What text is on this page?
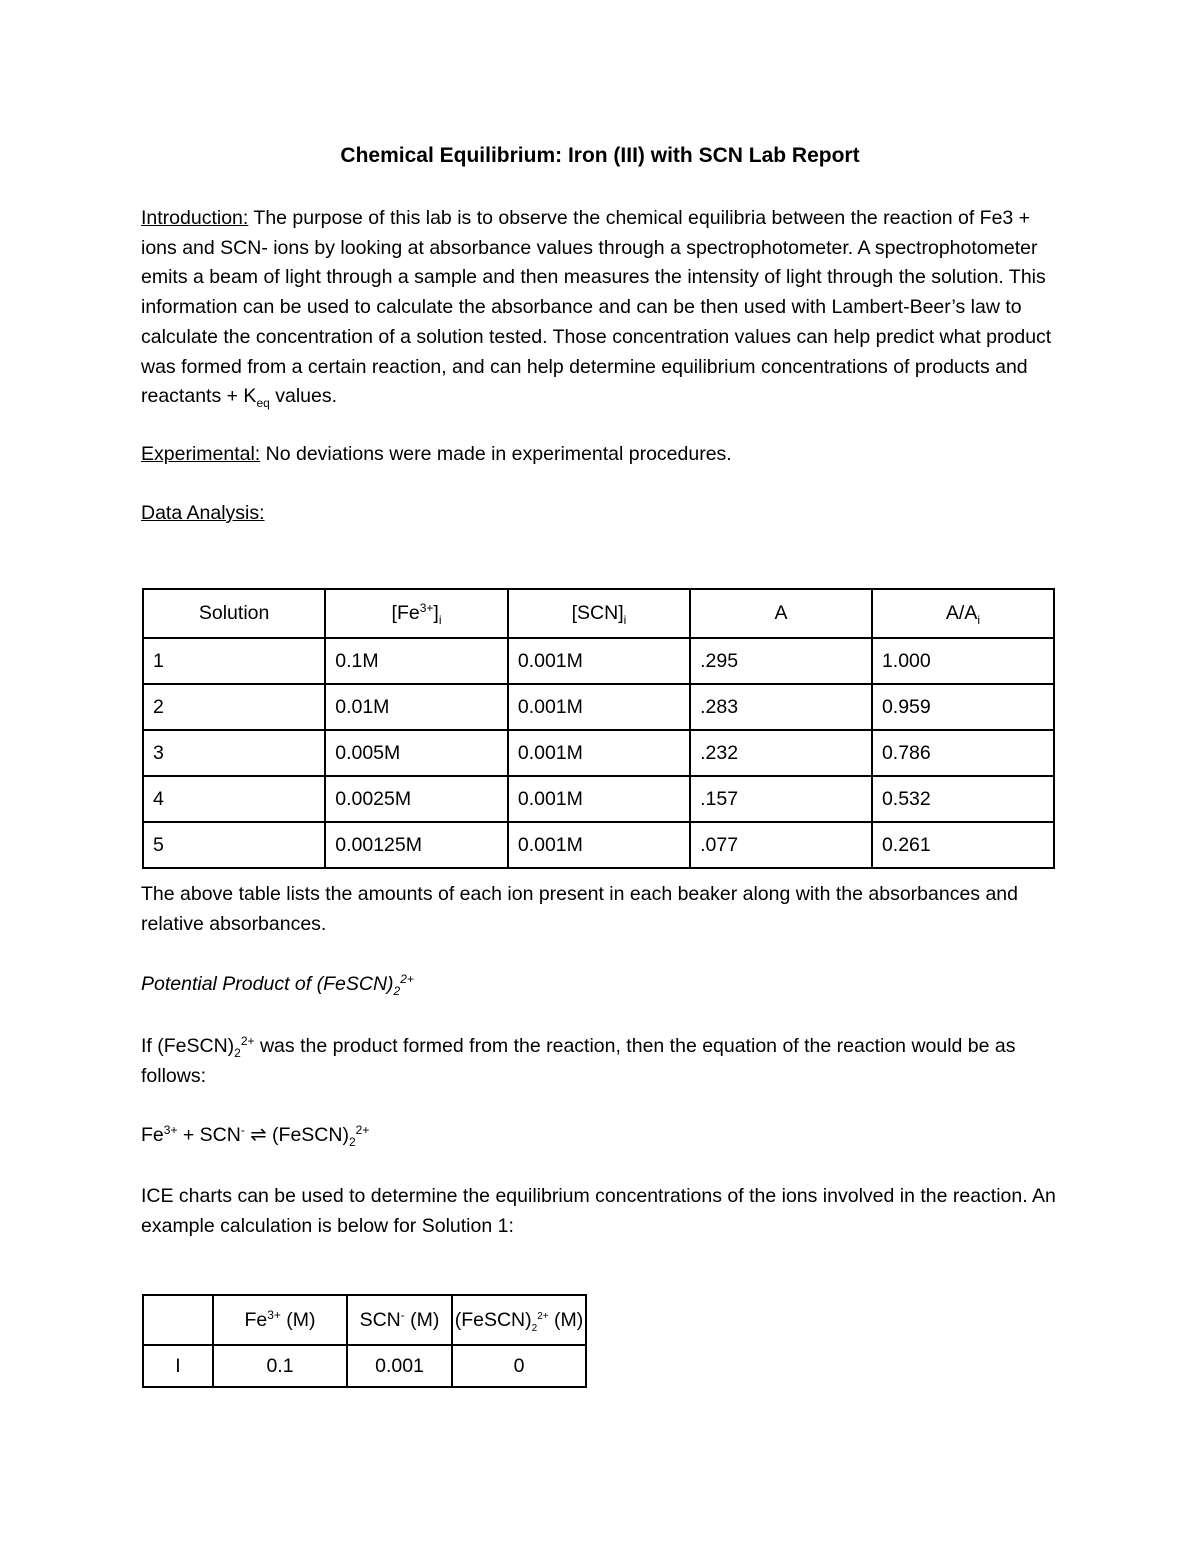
Chemical Equilibrium: Iron (III) with SCN Lab Report
Introduction: The purpose of this lab is to observe the chemical equilibria between the reaction of Fe3 + ions and SCN- ions by looking at absorbance values through a spectrophotometer. A spectrophotometer emits a beam of light through a sample and then measures the intensity of light through the solution. This information can be used to calculate the absorbance and can be then used with Lambert-Beer’s law to calculate the concentration of a solution tested. Those concentration values can help predict what product was formed from a certain reaction, and can help determine equilibrium concentrations of products and reactants + $K_{eq}$ values.
Experimental: No deviations were made in experimental procedures.
Data Analysis:
Solution	$[Fe^{3+}]_i$	$[SCN]_i$	A	$A/A_i$
1	0.1M	0.001M	.295	1.000
2	0.01M	0.001M	.283	0.959
3	0.005M	0.001M	.232	0.786
4	0.0025M	0.001M	.157	0.532
5	0.00125M	0.001M	.077	0.261
The above table lists the amounts of each ion present in each beaker along with the absorbances and relative absorbances.
Potential Product of $(FeSCN)_2^{2+}$
If $(FeSCN)_2^{2+}$ was the product formed from the reaction, then the equation of the reaction would be as follows:
$Fe^{3+} + SCN^-$ ⇌ $(FeSCN)_2^{2+}$
ICE charts can be used to determine the equilibrium concentrations of the ions involved in the reaction. An example calculation is below for Solution 1:
	$Fe^{3+}$ (M)	SCN- (M)	$(FeSCN)_2^{2+}$ (M)
I	0.1	0.001	0
